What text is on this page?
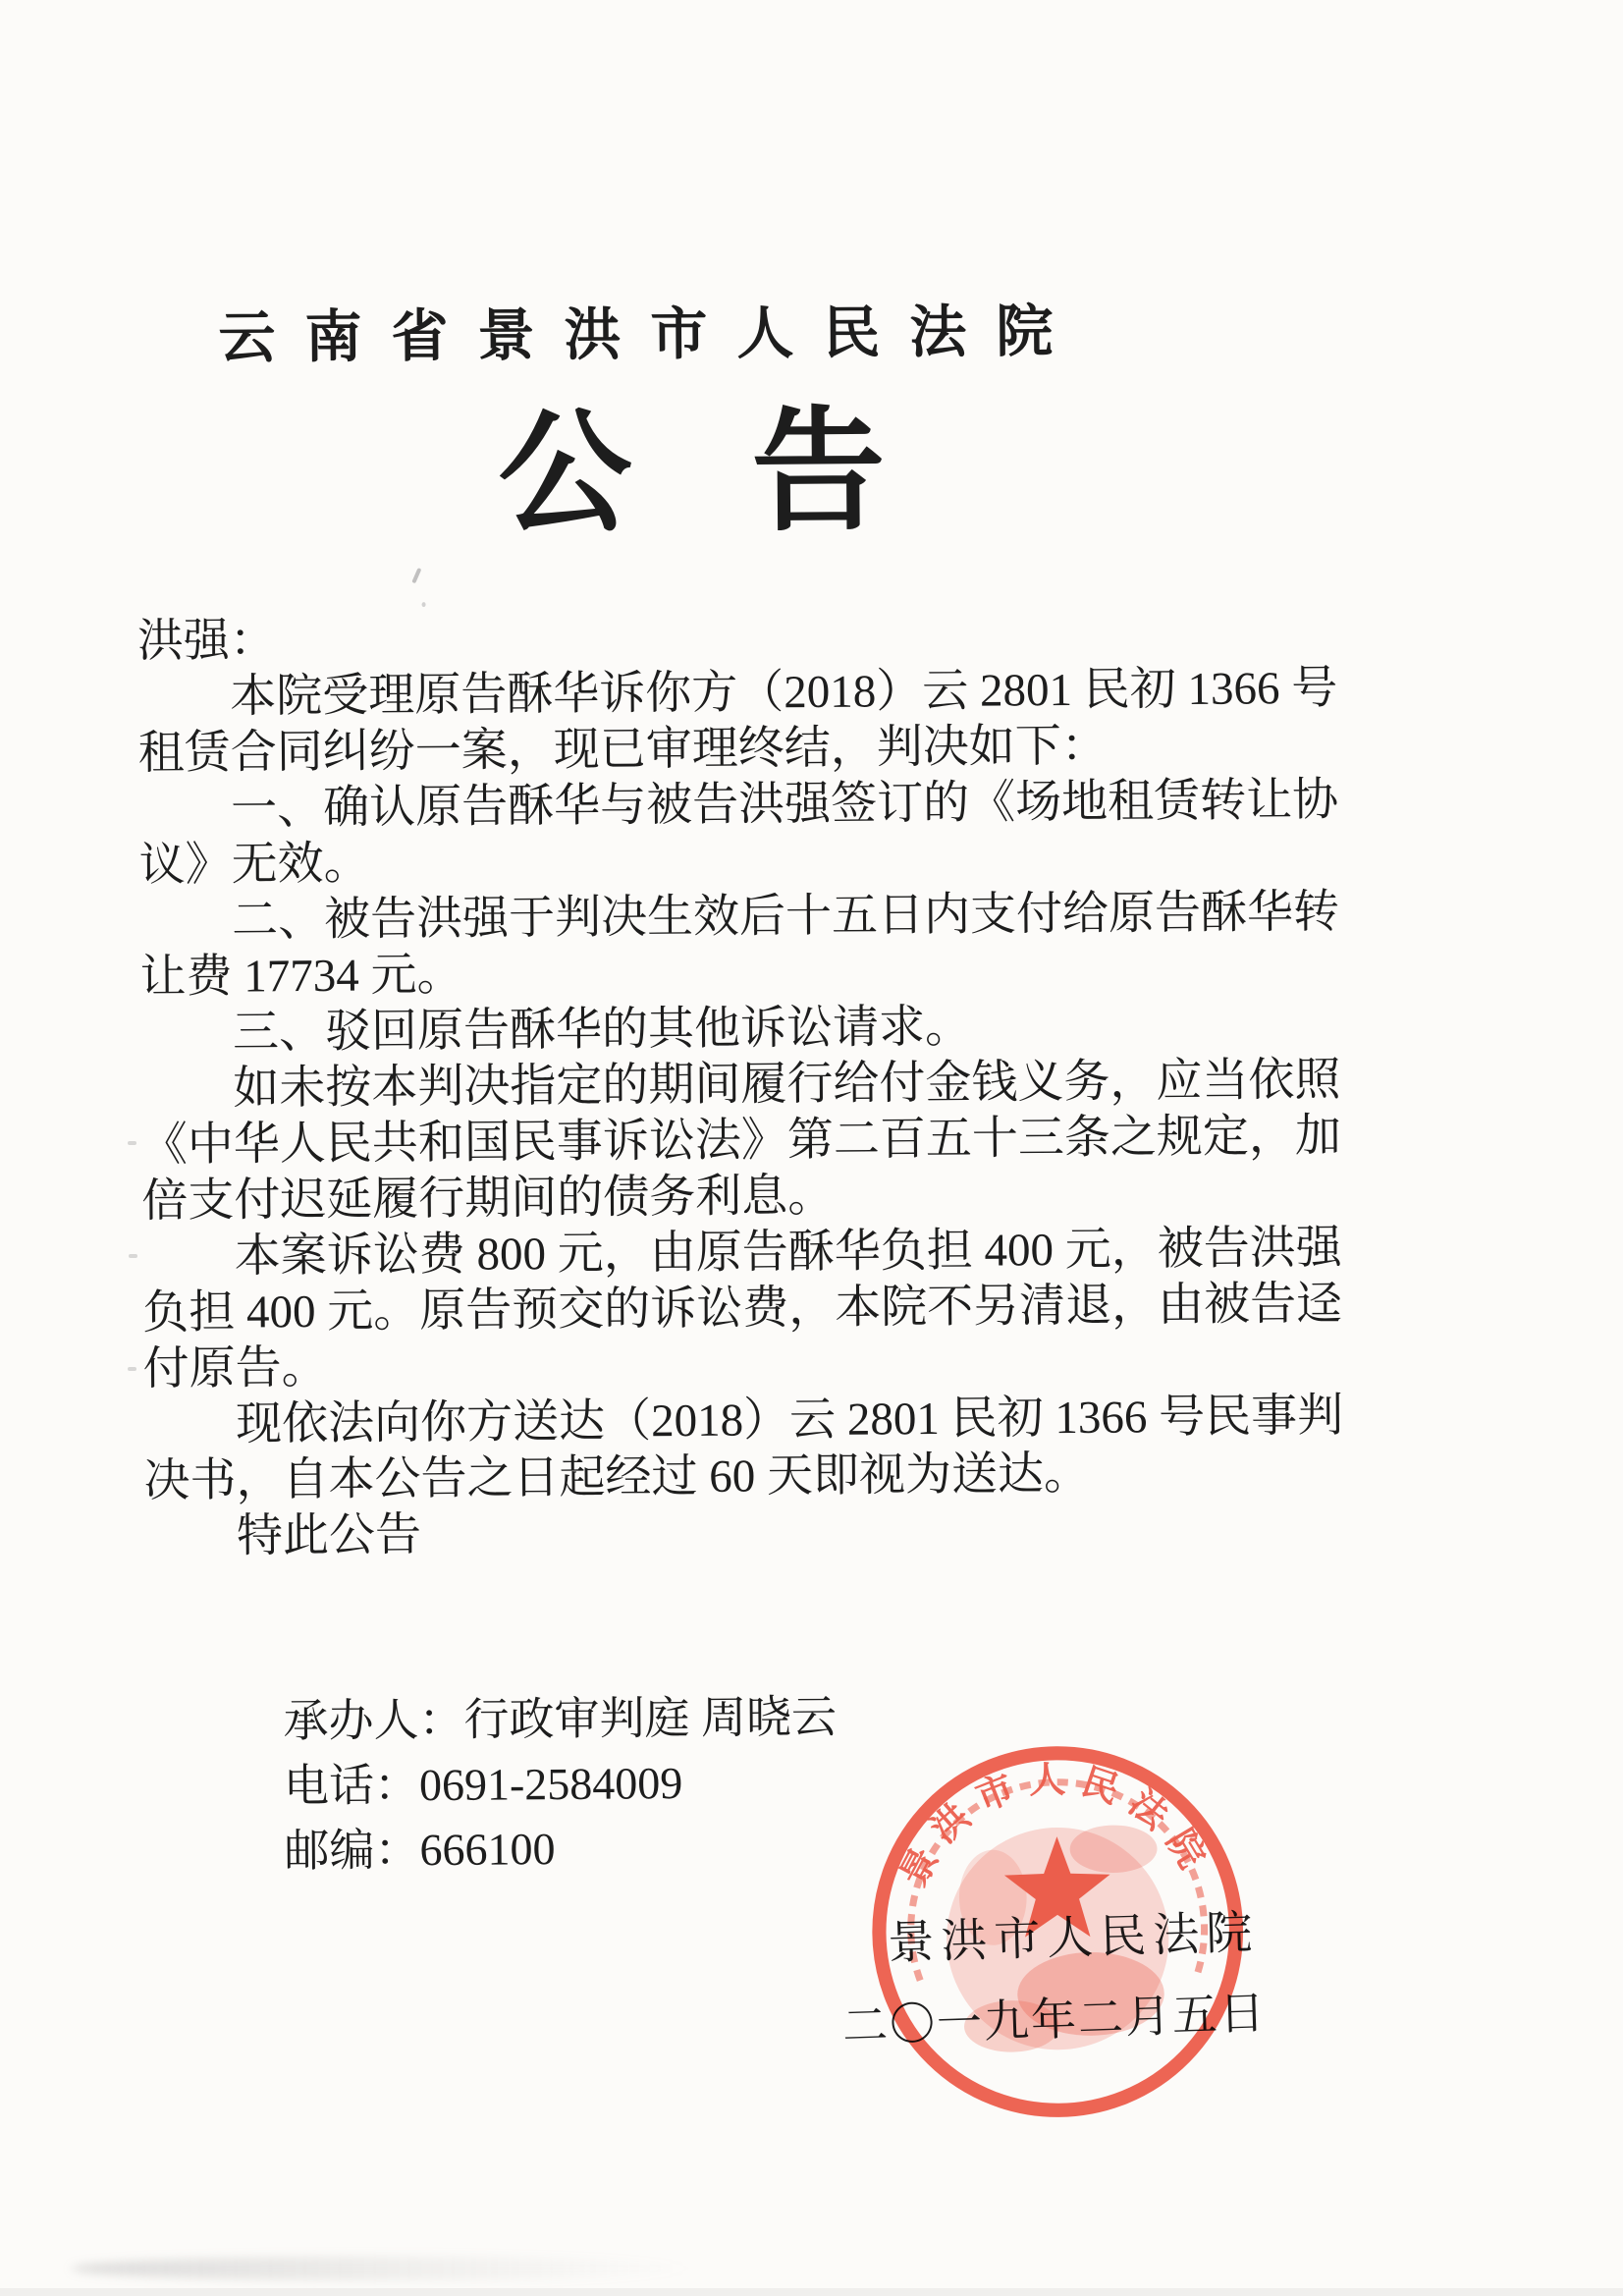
云南省景洪市人民法院
公告
洪强：
本院受理原告酥华诉你方（2018）云 2801 民初 1366 号
租赁合同纠纷一案，现已审理终结，判决如下：
一、确认原告酥华与被告洪强签订的《场地租赁转让协
议》无效。
二、被告洪强于判决生效后十五日内支付给原告酥华转
让费 17734 元。
三、驳回原告酥华的其他诉讼请求。
如未按本判决指定的期间履行给付金钱义务，应当依照
《中华人民共和国民事诉讼法》第二百五十三条之规定，加
倍支付迟延履行期间的债务利息。
本案诉讼费 800 元，由原告酥华负担 400 元，被告洪强
负担 400 元。原告预交的诉讼费，本院不另清退，由被告迳
付原告。
现依法向你方送达（2018）云 2801 民初 1366 号民事判
决书，自本公告之日起经过 60 天即视为送达。
特此公告
承办人：行政审判庭 周晓云
电话：0691-2584009
邮编：666100
景洪市人民法院
二〇一九年二月五日
景洪市人民法院
